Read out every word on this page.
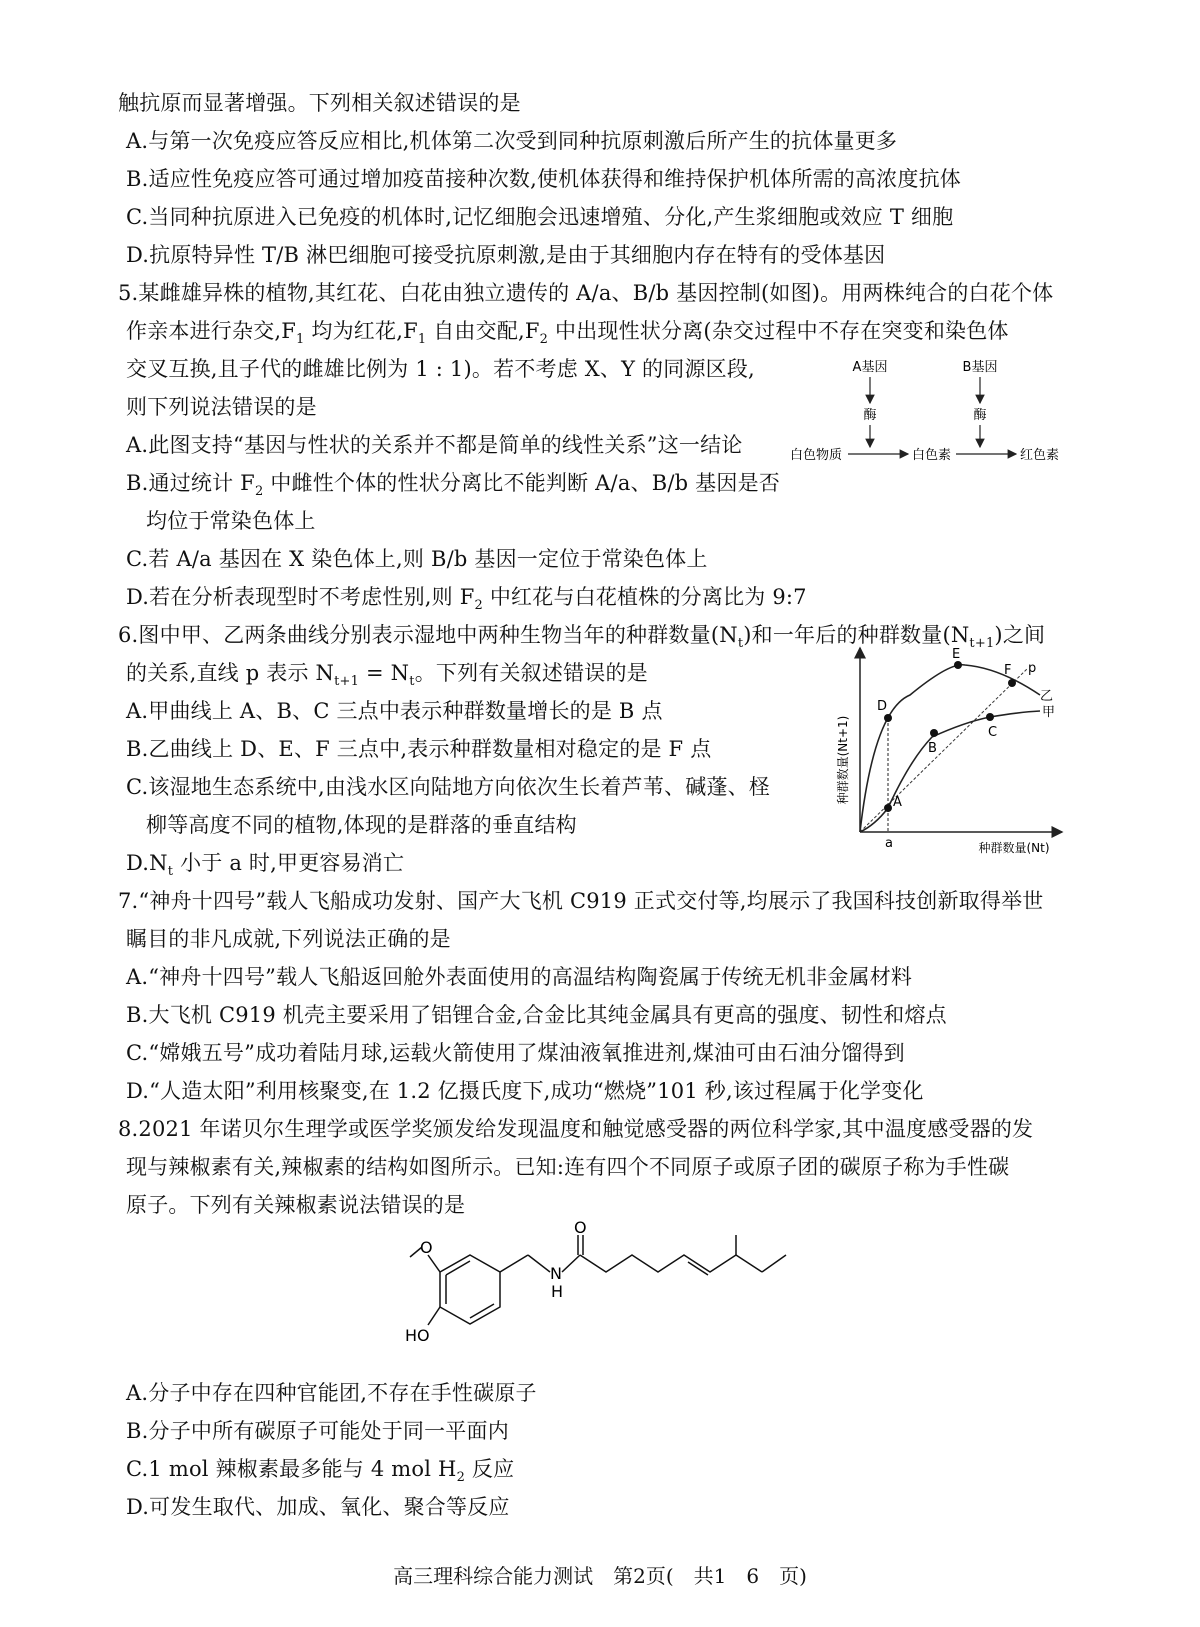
触抗原而显著增强。下列相关叙述错误的是
A.与第一次免疫应答反应相比,机体第二次受到同种抗原刺激后所产生的抗体量更多
B.适应性免疫应答可通过增加疫苗接种次数,使机体获得和维持保护机体所需的高浓度抗体
C.当同种抗原进入已免疫的机体时,记忆细胞会迅速增殖、分化,产生浆细胞或效应 T 细胞
D.抗原特异性 T/B 淋巴细胞可接受抗原刺激,是由于其细胞内存在特有的受体基因
5.某雌雄异株的植物,其红花、白花由独立遗传的 A/a、B/b 基因控制(如图)。用两株纯合的白花个体
作亲本进行杂交$,F_1$ 均为红花$,F_1$ 自由交配$,F_2$ 中出现性状分离(杂交过程中不存在突变和染色体
交叉互换,且子代的雌雄比例为 1 : 1)。若不考虑 X、Y 的同源区段,
则下列说法错误的是
A.此图支持“基因与性状的关系并不都是简单的线性关系”这一结论
B.通过统计 $F_2$ 中雌性个体的性状分离比不能判断 A/a、B/b 基因是否
均位于常染色体上
C.若 A/a 基因在 X 染色体上,则 B/b 基因一定位于常染色体上
D.若在分析表现型时不考虑性别,则 $F_2$ 中红花与白花植株的分离比为 9:7
A基因	B基因
酶	酶
白色物质	白色素	红色素
6.图中甲、乙两条曲线分别表示湿地中两种生物当年的种群数量$(N_t)$和一年后的种群数量$(N_{t+1})$之间
的关系,直线 p 表示 $N_{t+1} = N_t$。下列有关叙述错误的是
A.甲曲线上 A、B、C 三点中表示种群数量增长的是 B 点
B.乙曲线上 D、E、F 三点中,表示种群数量相对稳定的是 F 点
C.该湿地生态系统中,由浅水区向陆地方向依次生长着芦苇、碱蓬、柽
柳等高度不同的植物,体现的是群落的垂直结构
$D.N_t$ 小于 a 时,甲更容易消亡
种群数量(Nt+1)
种群数量(Nt)
A
B
C
D
E
F
a
p
乙
甲
7.“神舟十四号”载人飞船成功发射、国产大飞机 C919 正式交付等,均展示了我国科技创新取得举世
瞩目的非凡成就,下列说法正确的是
A.“神舟十四号”载人飞船返回舱外表面使用的高温结构陶瓷属于传统无机非金属材料
B.大飞机 C919 机壳主要采用了铝锂合金,合金比其纯金属具有更高的强度、韧性和熔点
C.“嫦娥五号”成功着陆月球,运载火箭使用了煤油液氧推进剂,煤油可由石油分馏得到
D.“人造太阳”利用核聚变,在 1.2 亿摄氏度下,成功“燃烧”101 秒,该过程属于化学变化
8.2021 年诺贝尔生理学或医学奖颁发给发现温度和触觉感受器的两位科学家,其中温度感受器的发
现与辣椒素有关,辣椒素的结构如图所示。已知:连有四个不同原子或原子团的碳原子称为手性碳
原子。下列有关辣椒素说法错误的是
O
N
H
O
HO
A.分子中存在四种官能团,不存在手性碳原子
B.分子中所有碳原子可能处于同一平面内
C.1 mol 辣椒素最多能与 4 mol $H_2$ 反应
D.可发生取代、加成、氧化、聚合等反应
高三理科综合能力测试　第2页(　共1　6　页)
